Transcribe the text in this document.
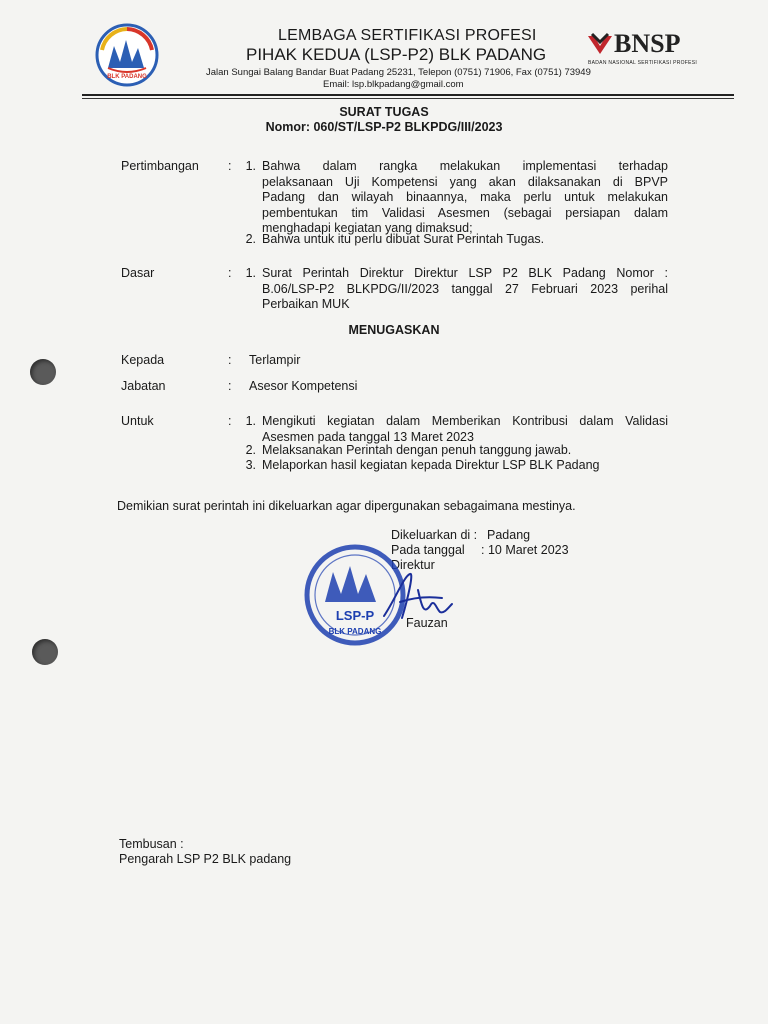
BLK PADANG
LEMBAGA SERTIFIKASI PROFESI
PIHAK KEDUA (LSP-P2) BLK PADANG
Jalan Sungai Balang Bandar Buat Padang 25231, Telepon (0751) 71906, Fax (0751) 73949
Email: lsp.blkpadang@gmail.com
BNSP
BADAN NASIONAL SERTIFIKASI PROFESI
SURAT TUGAS
Nomor: 060/ST/LSP-P2 BLKPDG/III/2023
Pertimbangan :	1. Bahwa dalam rangka melakukan implementasi terhadap
pelaksanaan Uji Kompetensi yang akan dilaksanakan di BPVP
Padang dan wilayah binaannya, maka perlu untuk melakukan
pembentukan tim Validasi Asesmen (sebagai persiapan dalam
menghadapi kegiatan yang dimaksud;
2. Bahwa untuk itu perlu dibuat Surat Perintah Tugas.
Dasar	:	1. Surat Perintah Direktur Direktur LSP P2 BLK Padang Nomor :
B.06/LSP-P2 BLKPDG/II/2023 tanggal 27 Februari 2023 perihal
Perbaikan MUK
MENUGASKAN
Kepada	: Terlampir
Jabatan	: Asesor Kompetensi
Untuk	:	1. Mengikuti kegiatan dalam Memberikan Kontribusi dalam Validasi
Asesmen pada tanggal 13 Maret 2023
2. Melaksanakan Perintah dengan penuh tanggung jawab.
3. Melaporkan hasil kegiatan kepada Direktur LSP BLK Padang
Demikian surat perintah ini dikeluarkan agar dipergunakan sebagaimana mestinya.
Dikeluarkan di : Padang
Pada tanggal : 10 Maret 2023
Direktur
LSP-P
BLK PADANG
Fauzan
Tembusan :
Pengarah LSP P2 BLK padang
